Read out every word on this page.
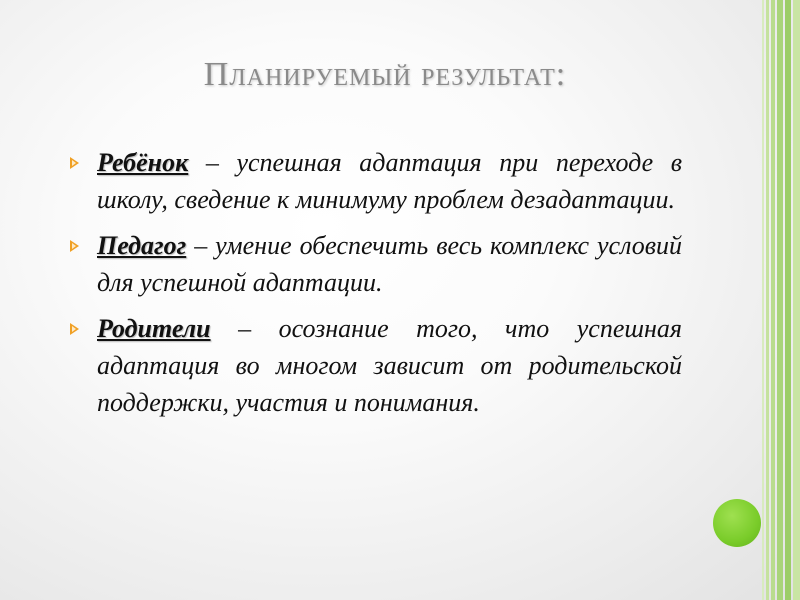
Планируемый результат:
Ребёнок – успешная адаптация при переходе в школу, сведение к минимуму проблем дезадаптации.
Педагог – умение обеспечить весь комплекс условий для успешной адаптации.
Родители – осознание того, что успешная адаптация во многом зависит от родительской поддержки, участия и понимания.
